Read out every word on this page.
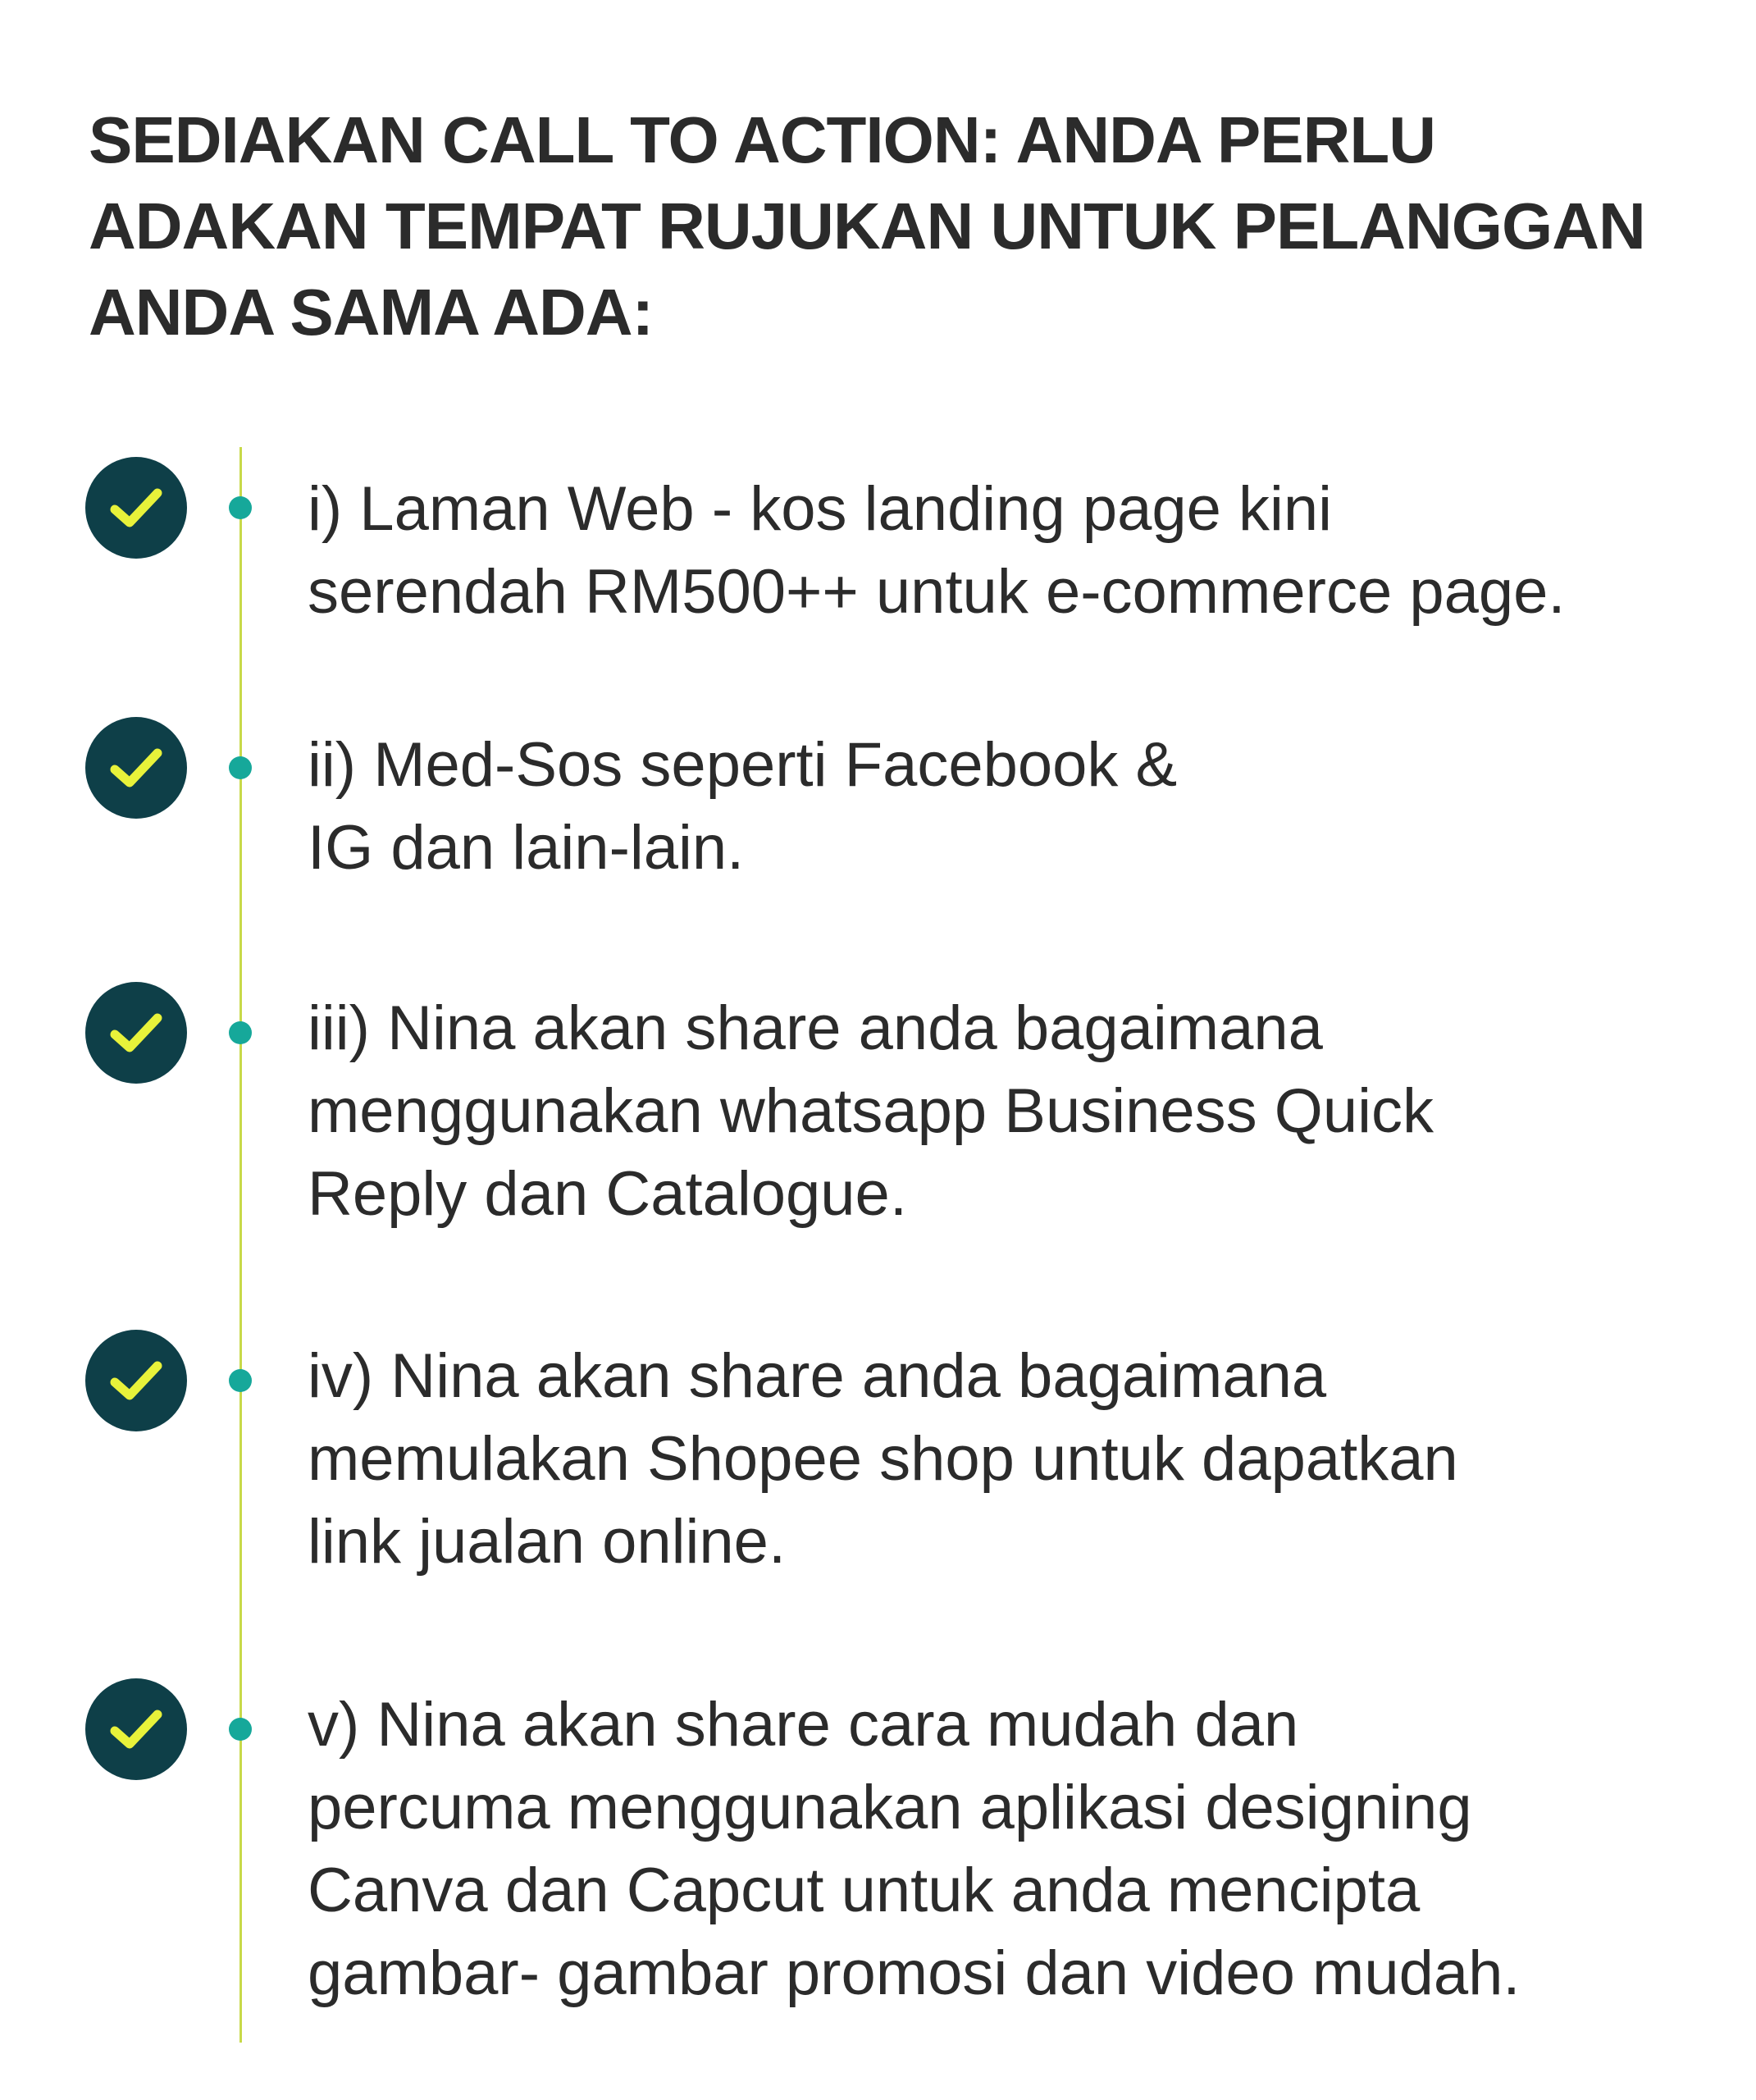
SEDIAKAN CALL TO ACTION: ANDA PERLU ADAKAN TEMPAT RUJUKAN UNTUK PELANGGAN ANDA SAMA ADA:

i) Laman Web - kos landing page kini
serendah RM500++ untuk e-commerce page.

ii) Med-Sos seperti Facebook &
IG dan lain-lain.

iii) Nina akan share anda bagaimana
menggunakan whatsapp Business Quick
Reply dan Catalogue.

iv) Nina akan share anda bagaimana
memulakan Shopee shop untuk dapatkan
link jualan online.

v) Nina akan share cara mudah dan
percuma menggunakan aplikasi designing
Canva dan Capcut untuk anda mencipta
gambar- gambar promosi dan video mudah.
